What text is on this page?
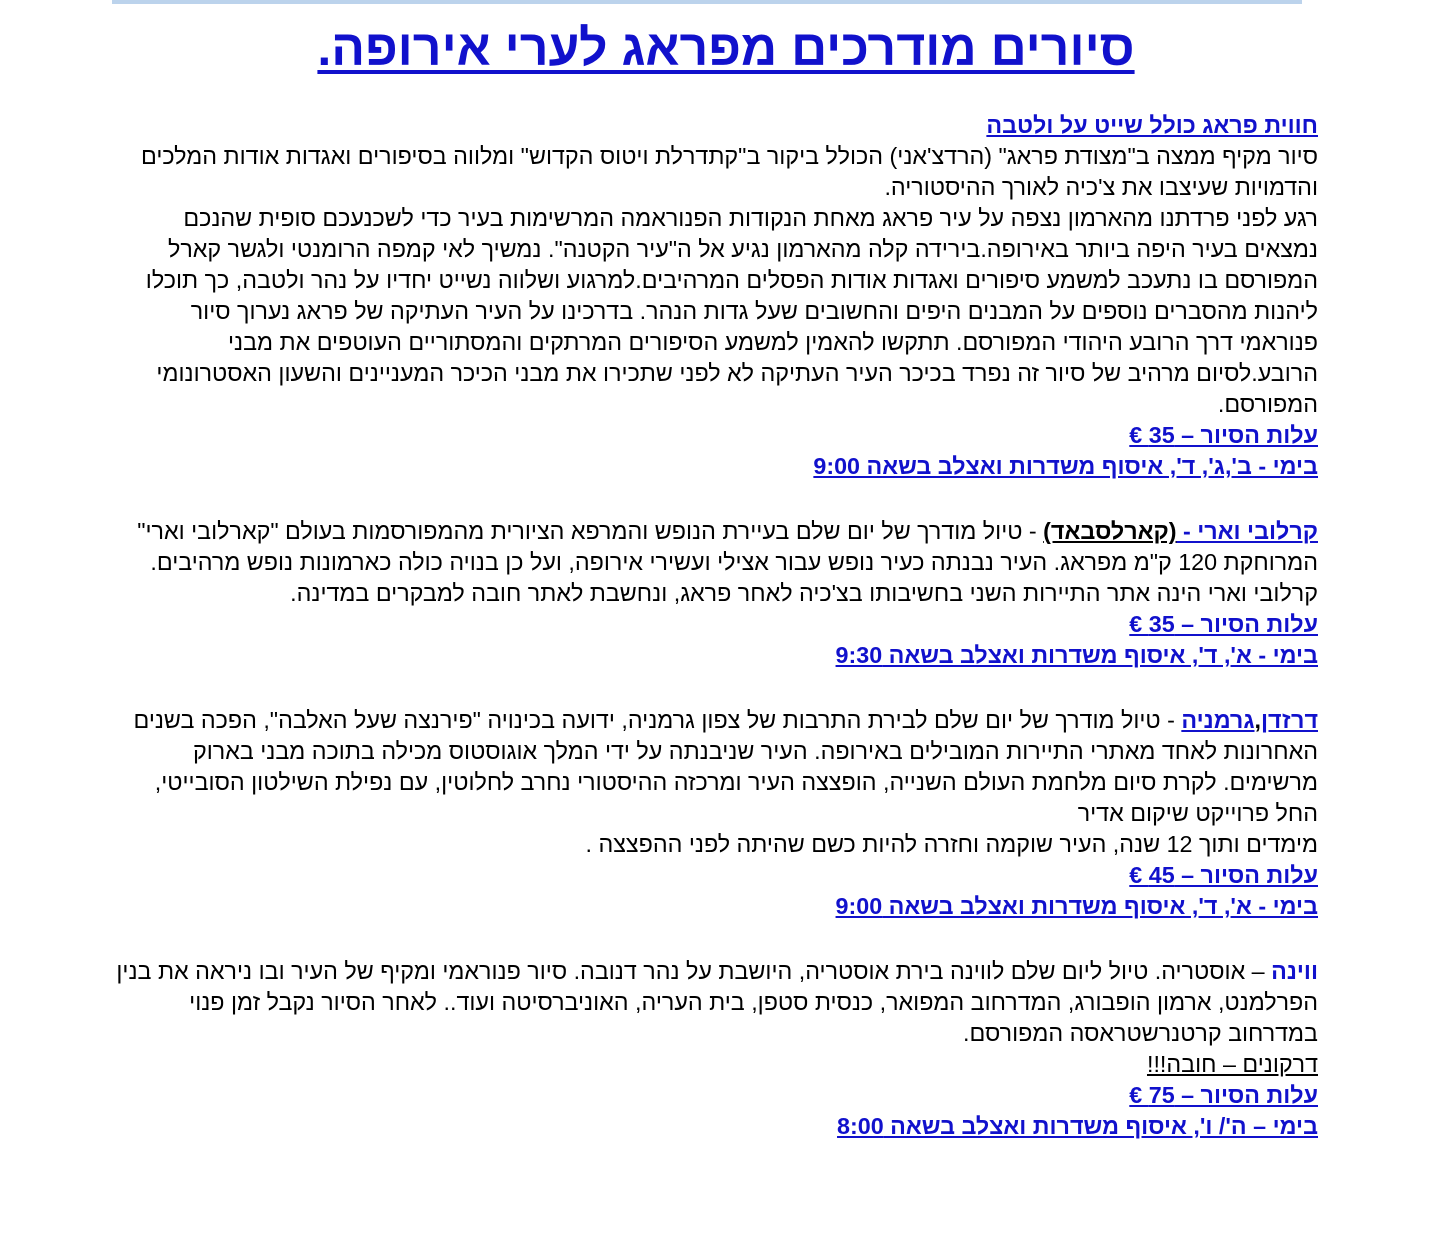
סיורים מודרכים מפראג לערי אירופה.
חווית פראג כולל שייט על ולטבה

סיור מקיף ממצה ב"מצודת פראג" (הרדצ'אני) הכולל ביקור ב"קתדרלת ויטוס הקדוש" ומלווה בסיפורים ואגדות אודות המלכים והדמויות שעיצבו את צ'כיה לאורך ההיסטוריה.

רגע לפני פרדתנו מהארמון נצפה על עיר פראג מאחת הנקודות הפנוראמה המרשימות בעיר כדי לשכנעכם סופית שהנכם נמצאים בעיר היפה ביותר באירופה.בירידה קלה מהארמון נגיע אל ה"עיר הקטנה". נמשיך לאי קמפה הרומנטי ולגשר קארל המפורסם בו נתעכב למשמע סיפורים ואגדות אודות הפסלים המרהיבים.למרגוע ושלווה נשייט יחדיו על נהר ולטבה, כך תוכלו ליהנות מהסברים נוספים על המבנים היפים והחשובים שעל גדות הנהר. בדרכינו על העיר העתיקה של פראג נערוך סיור פנוראמי דרך הרובע היהודי המפורסם. תתקשו להאמין למשמע הסיפורים המרתקים והמסתוריים העוטפים את מבני הרובע.לסיום מרהיב של סיור זה נפרד בכיכר העיר העתיקה לא לפני שתכירו את מבני הכיכר המעניינים והשעון האסטרונומי המפורסם.

עלות הסיור – 35 €
בימי - ב',ג', ד', איסוף משדרות ואצלב בשאה 9:00

קרלובי וארי - (קארלסבאד) - טיול מודרך של יום שלם בעיירת הנופש והמרפא הציורית מהמפורסמות בעולם "קארלובי וארי" המרוחקת 120 ק"מ מפראג. העיר נבנתה כעיר נופש עבור אצילי ועשירי אירופה, ועל כן בנויה כולה כארמונות נופש מרהיבים. קרלובי וארי הינה אתר התיירות השני בחשיבותו בצ'כיה לאחר פראג, ונחשבת לאתר חובה למבקרים במדינה.

עלות הסיור – 35 €
בימי - א', ד', איסוף משדרות ואצלב בשאה 9:30

דרזדן,גרמניה - טיול מודרך של יום שלם לבירת התרבות של צפון גרמניה, ידועה בכינויה "פירנצה שעל האלבה", הפכה בשנים האחרונות לאחד מאתרי התיירות המובילים באירופה. העיר שניבנתה על ידי המלך אוגוסטוס מכילה בתוכה מבני בארוק מרשימים. לקרת סיום מלחמת העולם השנייה, הופצצה העיר ומרכזה ההיסטורי נחרב לחלוטין, עם נפילת השילטון הסובייטי, החל פרוייקט שיקום אדיר

מימדים ותוך 12 שנה, העיר שוקמה וחזרה להיות כשם שהיתה לפני ההפצצה .

עלות הסיור – 45 €
בימי - א', ד', איסוף משדרות ואצלב בשאה 9:00

ווינה – אוסטריה. טיול ליום שלם לווינה בירת אוסטריה, היושבת על נהר דנובה. סיור פנוראמי ומקיף של העיר ובו ניראה את בנין הפרלמנט, ארמון הופבורג, המדרחוב המפואר, כנסית סטפן, בית העריה, האוניברסיטה ועוד.. לאחר הסיור נקבל זמן פנוי במדרחוב קרטנרשטראסה המפורסם.

דרקונים – חובה!!!

עלות הסיור – 75 €
בימי – ה'/ ו', איסוף משדרות ואצלב בשאה 8:00
